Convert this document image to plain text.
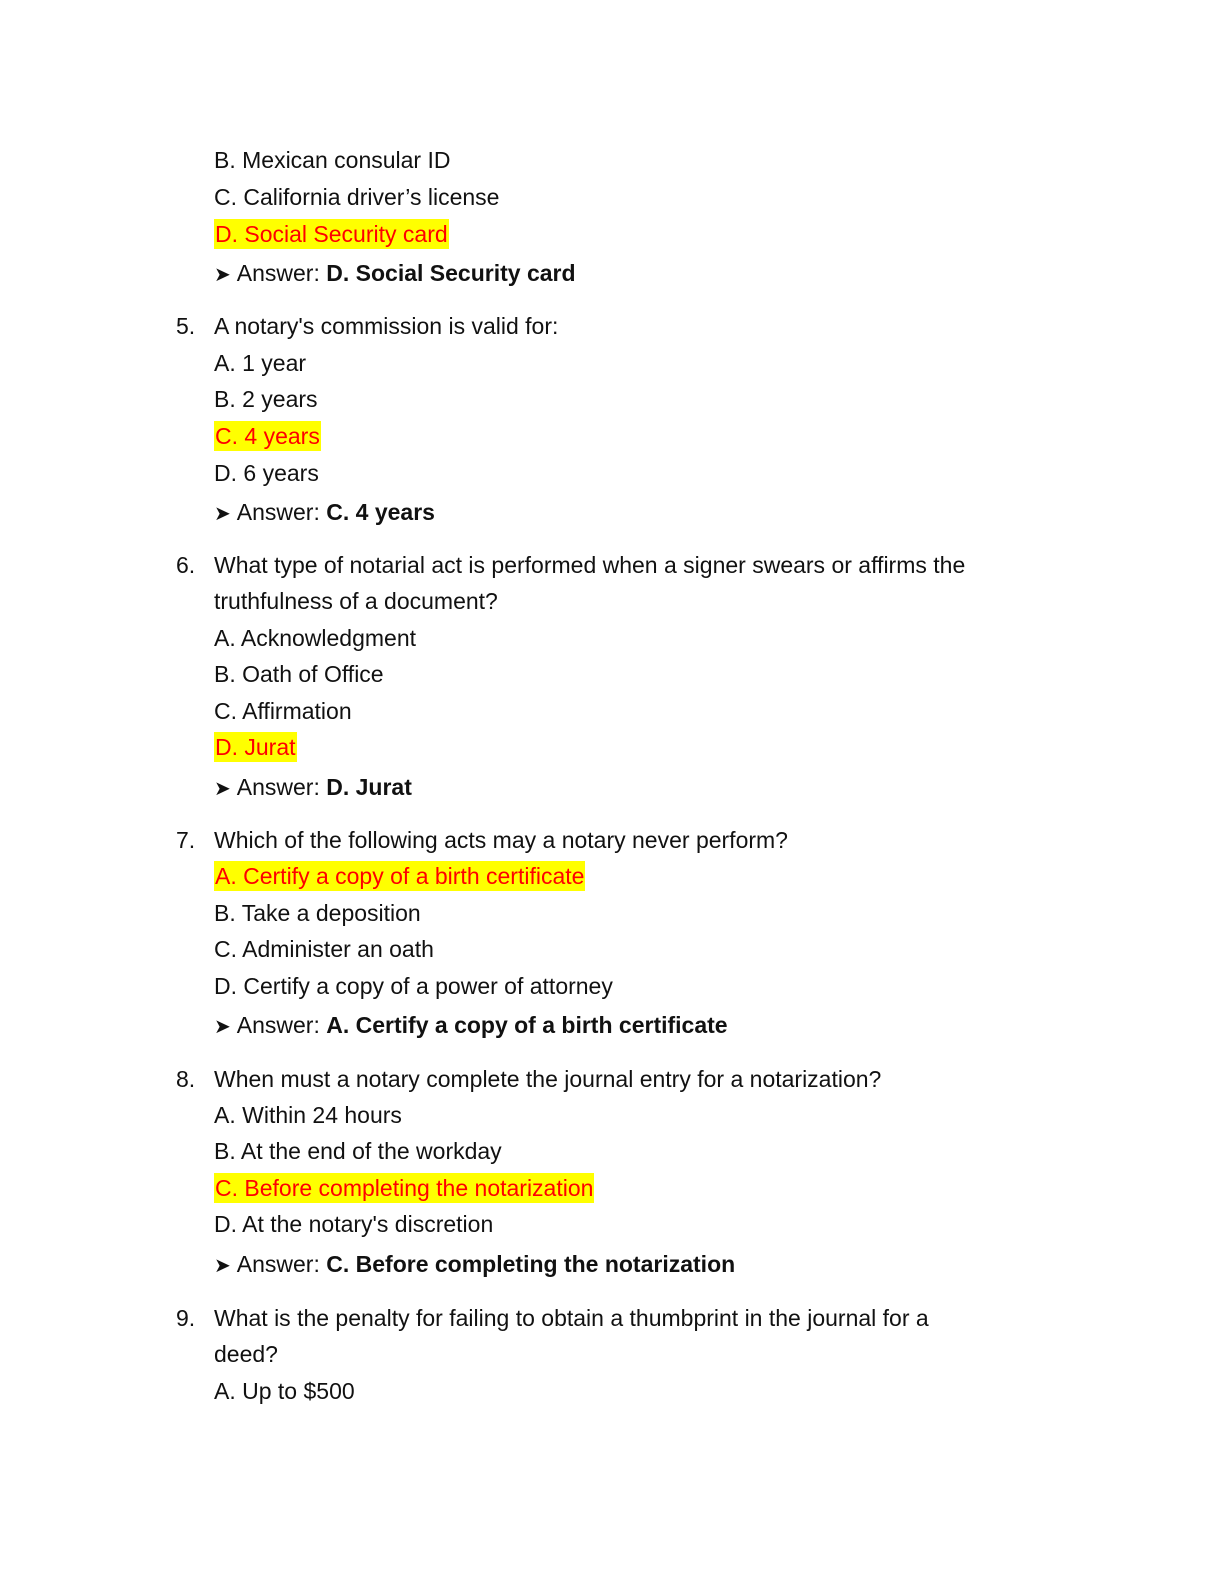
B. Mexican consular ID
C. California driver’s license
D. Social Security card
➤ Answer: D. Social Security card
5. A notary's commission is valid for:
A. 1 year
B. 2 years
C. 4 years
D. 6 years
➤ Answer: C. 4 years
6. What type of notarial act is performed when a signer swears or affirms the
truthfulness of a document?
A. Acknowledgment
B. Oath of Office
C. Affirmation
D. Jurat
➤ Answer: D. Jurat
7. Which of the following acts may a notary never perform?
A. Certify a copy of a birth certificate
B. Take a deposition
C. Administer an oath
D. Certify a copy of a power of attorney
➤ Answer: A. Certify a copy of a birth certificate
8. When must a notary complete the journal entry for a notarization?
A. Within 24 hours
B. At the end of the workday
C. Before completing the notarization
D. At the notary's discretion
➤ Answer: C. Before completing the notarization
9. What is the penalty for failing to obtain a thumbprint in the journal for a
deed?
A. Up to $500
